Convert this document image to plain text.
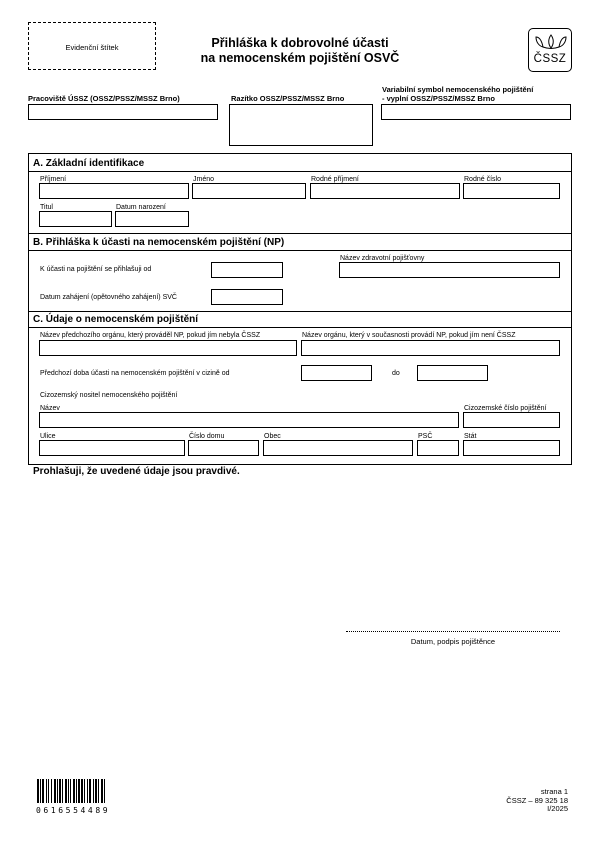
Evidenční štítek	Přihláška k dobrovolné účasti
na nemocenském pojištění OSVČ	ČSSZ
Pracoviště ÚSSZ (OSSZ/PSSZ/MSSZ Brno)	Razítko OSSZ/PSSZ/MSSZ Brno
Variabilní symbol nemocenského pojištění
- vyplní OSSZ/PSSZ/MSSZ Brno
A. Základní identifikace
Příjmení	Jméno	Rodné příjmení	Rodné číslo
Titul	Datum narození
B. Přihláška k účasti na nemocenském pojištění (NP)
K účasti na pojištění se přihlašuji od
Název zdravotní pojišťovny
Datum zahájení (opětovného zahájení) SVČ
C. Údaje o nemocenském pojištění
Název předchozího orgánu, který prováděl NP, pokud jím nebyla ČSSZ	Název orgánu, který v současnosti provádí NP, pokud jím není ČSSZ
Předchozí doba účasti na nemocenském pojištění v cizině od	do
Cizozemský nositel nemocenského pojištění
Název	Cizozemské číslo pojištění
Ulice	Číslo domu	Obec	PSČ	Stát
Prohlašuji, že uvedené údaje jsou pravdivé.
Datum, podpis pojištěnce
0616554489
strana 1
ČSSZ – 89 325 18
I/2025
